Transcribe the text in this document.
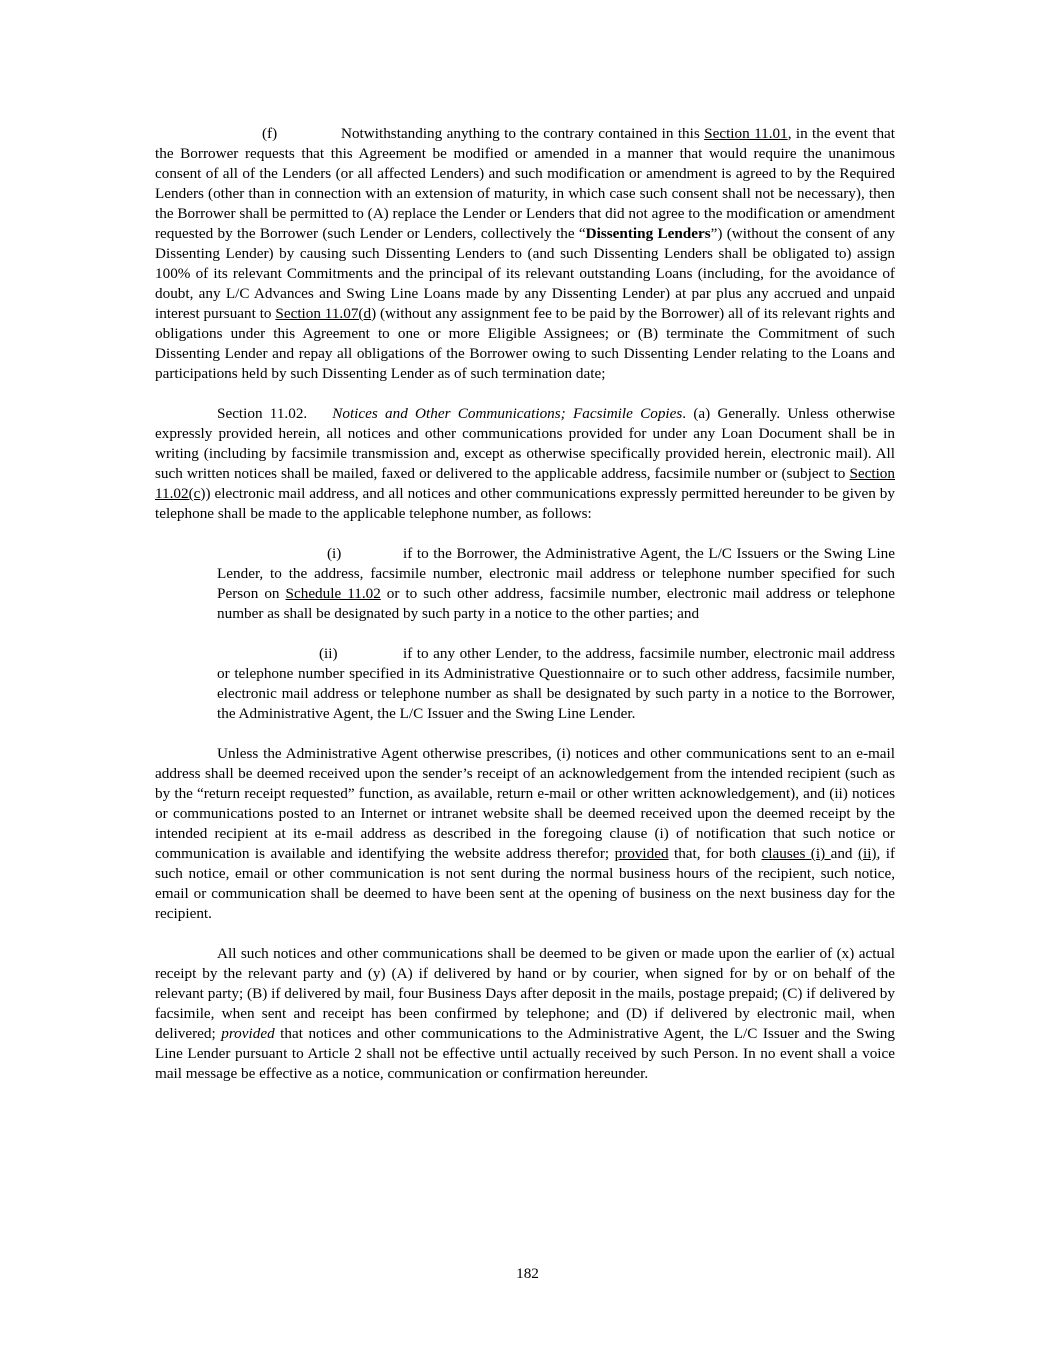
(f)	Notwithstanding anything to the contrary contained in this Section 11.01, in the event that the Borrower requests that this Agreement be modified or amended in a manner that would require the unanimous consent of all of the Lenders (or all affected Lenders) and such modification or amendment is agreed to by the Required Lenders (other than in connection with an extension of maturity, in which case such consent shall not be necessary), then the Borrower shall be permitted to (A) replace the Lender or Lenders that did not agree to the modification or amendment requested by the Borrower (such Lender or Lenders, collectively the “Dissenting Lenders”) (without the consent of any Dissenting Lender) by causing such Dissenting Lenders to (and such Dissenting Lenders shall be obligated to) assign 100% of its relevant Commitments and the principal of its relevant outstanding Loans (including, for the avoidance of doubt, any L/C Advances and Swing Line Loans made by any Dissenting Lender) at par plus any accrued and unpaid interest pursuant to Section 11.07(d) (without any assignment fee to be paid by the Borrower) all of its relevant rights and obligations under this Agreement to one or more Eligible Assignees; or (B) terminate the Commitment of such Dissenting Lender and repay all obligations of the Borrower owing to such Dissenting Lender relating to the Loans and participations held by such Dissenting Lender as of such termination date;

Section 11.02. Notices and Other Communications; Facsimile Copies. (a) Generally. Unless otherwise expressly provided herein, all notices and other communications provided for under any Loan Document shall be in writing (including by facsimile transmission and, except as otherwise specifically provided herein, electronic mail). All such written notices shall be mailed, faxed or delivered to the applicable address, facsimile number or (subject to Section 11.02(c)) electronic mail address, and all notices and other communications expressly permitted hereunder to be given by telephone shall be made to the applicable telephone number, as follows:

(i)	if to the Borrower, the Administrative Agent, the L/C Issuers or the Swing Line Lender, to the address, facsimile number, electronic mail address or telephone number specified for such Person on Schedule 11.02 or to such other address, facsimile number, electronic mail address or telephone number as shall be designated by such party in a notice to the other parties; and

(ii)	if to any other Lender, to the address, facsimile number, electronic mail address or telephone number specified in its Administrative Questionnaire or to such other address, facsimile number, electronic mail address or telephone number as shall be designated by such party in a notice to the Borrower, the Administrative Agent, the L/C Issuer and the Swing Line Lender.

Unless the Administrative Agent otherwise prescribes, (i) notices and other communications sent to an e-mail address shall be deemed received upon the sender’s receipt of an acknowledgement from the intended recipient (such as by the “return receipt requested” function, as available, return e-mail or other written acknowledgement), and (ii) notices or communications posted to an Internet or intranet website shall be deemed received upon the deemed receipt by the intended recipient at its e-mail address as described in the foregoing clause (i) of notification that such notice or communication is available and identifying the website address therefor; provided that, for both clauses (i) and (ii), if such notice, email or other communication is not sent during the normal business hours of the recipient, such notice, email or communication shall be deemed to have been sent at the opening of business on the next business day for the recipient.

All such notices and other communications shall be deemed to be given or made upon the earlier of (x) actual receipt by the relevant party and (y) (A) if delivered by hand or by courier, when signed for by or on behalf of the relevant party; (B) if delivered by mail, four Business Days after deposit in the mails, postage prepaid; (C) if delivered by facsimile, when sent and receipt has been confirmed by telephone; and (D) if delivered by electronic mail, when delivered; provided that notices and other communications to the Administrative Agent, the L/C Issuer and the Swing Line Lender pursuant to Article 2 shall not be effective until actually received by such Person. In no event shall a voice mail message be effective as a notice, communication or confirmation hereunder.

182
